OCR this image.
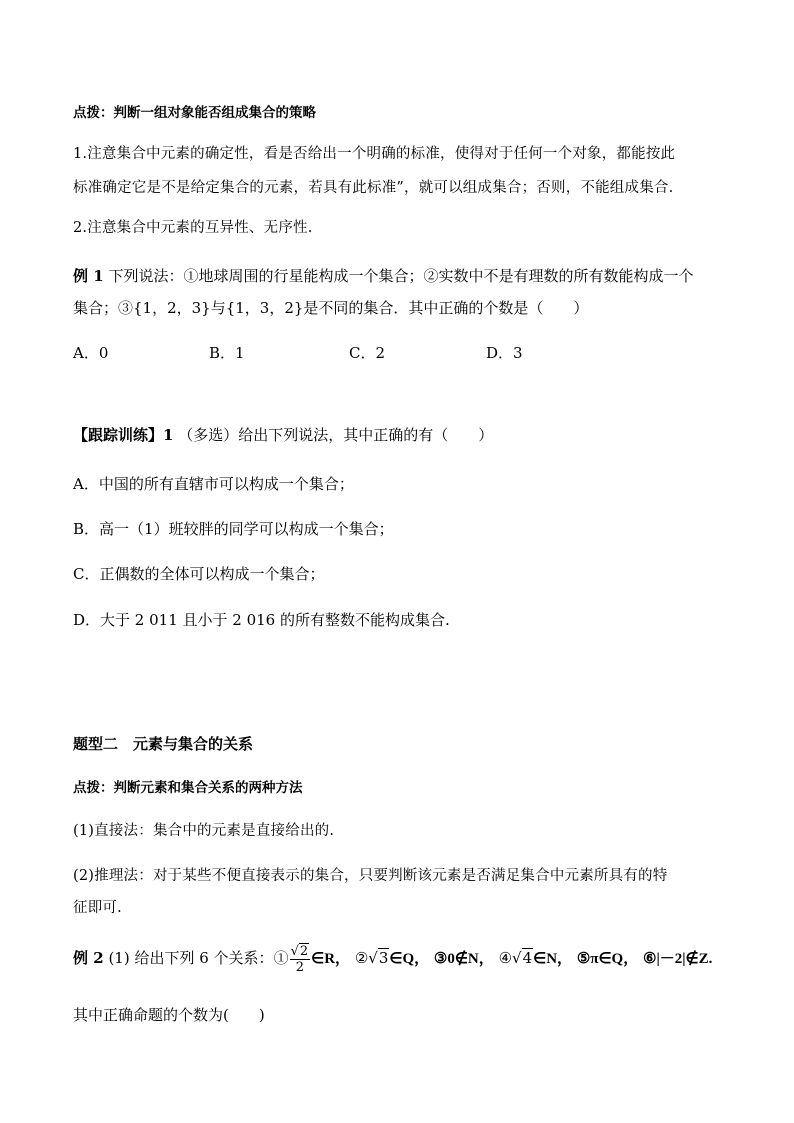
点拨：判断一组对象能否组成集合的策略
1.注意集合中元素的确定性，看是否给出一个明确的标准，使得对于任何一个对象，都能按此
标准确定它是不是给定集合的元素，若具有此标准”，就可以组成集合；否则，不能组成集合.
2.注意集合中元素的互异性、无序性.
例 1 下列说法：①地球周围的行星能构成一个集合；②实数中不是有理数的所有数能构成一个
集合；③{1，2，3}与{1，3，2}是不同的集合．其中正确的个数是（　　）
A．0	B．1	C．2	D．3
【跟踪训练】1 （多选）给出下列说法，其中正确的有（　　）
A．中国的所有直辖市可以构成一个集合；
B．高一（1）班较胖的同学可以构成一个集合；
C．正偶数的全体可以构成一个集合；
D．大于 2 011 且小于 2 016 的所有整数不能构成集合.
题型二　元素与集合的关系
点拨：判断元素和集合关系的两种方法
(1)直接法：集合中的元素是直接给出的.
(2)推理法：对于某些不便直接表示的集合，只要判断该元素是否满足集合中元素所具有的特
征即可.
例 2 (1) 给出下列 6 个关系：① $\frac{√2}{2}$ ∈R， ②√3∈Q， ③0∉N， ④√4∈N， ⑤π∈Q， ⑥|－2|∉Z.
其中正确命题的个数为(　　)
